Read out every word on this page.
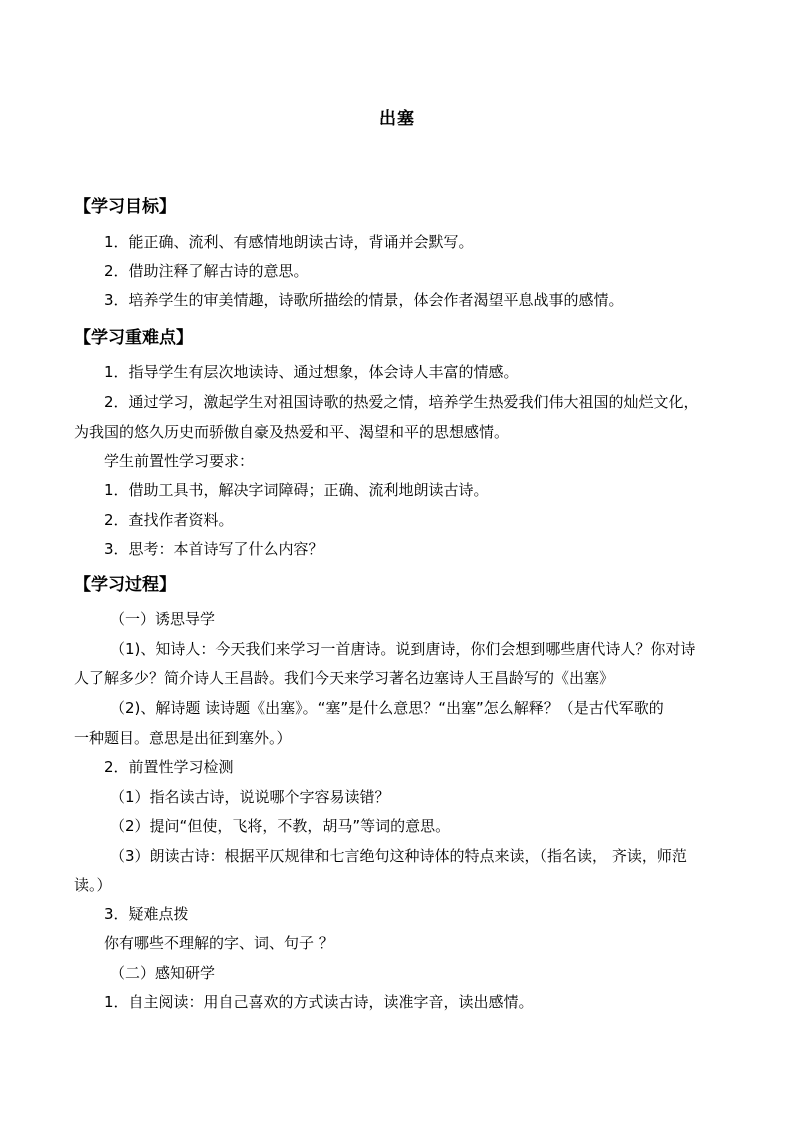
出塞
【学习目标】
1．能正确、流利、有感情地朗读古诗，背诵并会默写。
2．借助注释了解古诗的意思。
3．培养学生的审美情趣，诗歌所描绘的情景，体会作者渴望平息战事的感情。
【学习重难点】
1．指导学生有层次地读诗、通过想象，体会诗人丰富的情感。
2．通过学习，激起学生对祖国诗歌的热爱之情，培养学生热爱我们伟大祖国的灿烂文化，
为我国的悠久历史而骄傲自豪及热爱和平、渴望和平的思想感情。
学生前置性学习要求：
1．借助工具书，解决字词障碍；正确、流利地朗读古诗。
2．查找作者资料。
3．思考：本首诗写了什么内容？
【学习过程】
（一）诱思导学
（1)、知诗人：今天我们来学习一首唐诗。说到唐诗，你们会想到哪些唐代诗人？你对诗
人了解多少？简介诗人王昌龄。我们今天来学习著名边塞诗人王昌龄写的《出塞》
（2)、解诗题 读诗题《出塞》。“塞”是什么意思？“出塞”怎么解释？（是古代军歌的
一种题目。意思是出征到塞外。）
2．前置性学习检测
（1）指名读古诗，说说哪个字容易读错？
（2）提问“但使，飞将，不教，胡马”等词的意思。
（3）朗读古诗：根据平仄规律和七言绝句这种诗体的特点来读，（指名读， 齐读，师范
读。）
3．疑难点拨
你有哪些不理解的字、词、句子 ？
（二）感知研学
1．自主阅读：用自己喜欢的方式读古诗，读准字音，读出感情。
